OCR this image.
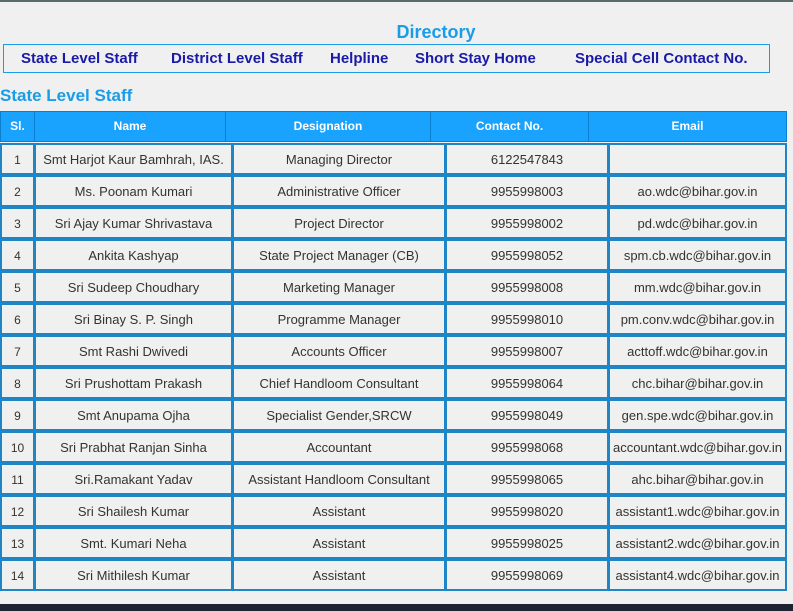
Directory
State Level Staff District Level Staff Helpline Short Stay Home	Special Cell Contact No.
State Level Staff
Sl.	Name	Designation	Contact No.	Email
1	Smt Harjot Kaur Bamhrah, IAS.	Managing Director	6122547843
2	Ms. Poonam Kumari	Administrative Officer	9955998003	ao.wdc@bihar.gov.in
3	Sri Ajay Kumar Shrivastava	Project Director	9955998002	pd.wdc@bihar.gov.in
4	Ankita Kashyap	State Project Manager (CB)	9955998052	spm.cb.wdc@bihar.gov.in
5	Sri Sudeep Choudhary	Marketing Manager	9955998008	mm.wdc@bihar.gov.in
6	Sri Binay S. P. Singh	Programme Manager	9955998010	pm.conv.wdc@bihar.gov.in
7	Smt Rashi Dwivedi	Accounts Officer	9955998007	acttoff.wdc@bihar.gov.in
8	Sri Prushottam Prakash	Chief Handloom Consultant	9955998064	chc.bihar@bihar.gov.in
9	Smt Anupama Ojha	Specialist Gender,SRCW	9955998049	gen.spe.wdc@bihar.gov.in
10	Sri Prabhat Ranjan Sinha	Accountant	9955998068	accountant.wdc@bihar.gov.in
11	Sri.Ramakant Yadav	Assistant Handloom Consultant	9955998065	ahc.bihar@bihar.gov.in
12	Sri Shailesh Kumar	Assistant	9955998020	assistant1.wdc@bihar.gov.in
13	Smt. Kumari Neha	Assistant	9955998025	assistant2.wdc@bihar.gov.in
14	Sri Mithilesh Kumar	Assistant	9955998069	assistant4.wdc@bihar.gov.in
